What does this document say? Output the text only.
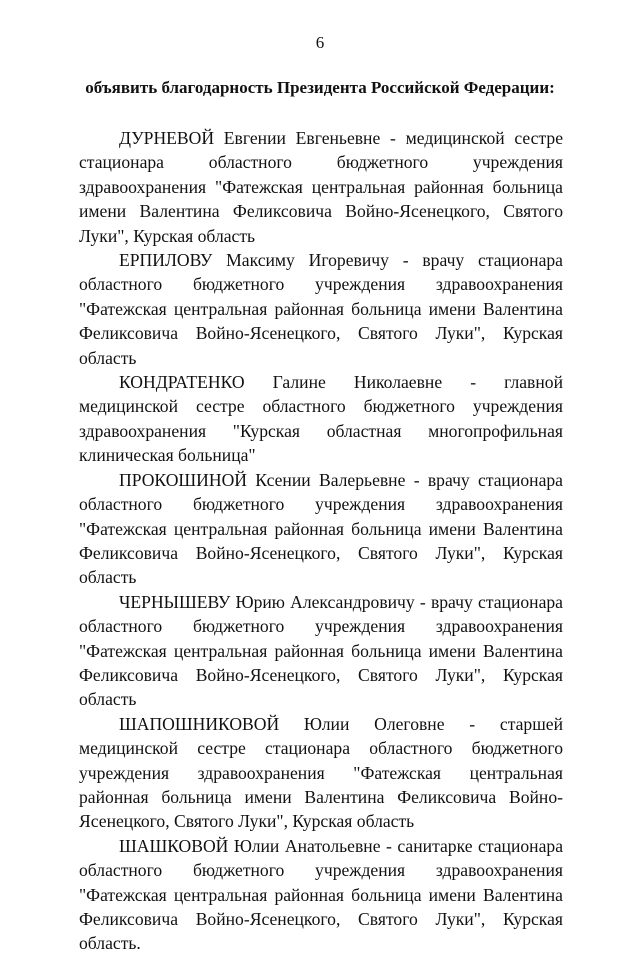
6
объявить благодарность Президента Российской Федерации:

ДУРНЕВОЙ Евгении Евгеньевне - медицинской сестре стационара областного бюджетного учреждения здравоохранения "Фатежская центральная районная больница имени Валентина Феликсовича Войно-Ясенецкого, Святого Луки", Курская область

ЕРПИЛОВУ Максиму Игоревичу - врачу стационара областного бюджетного учреждения здравоохранения "Фатежская центральная районная больница имени Валентина Феликсовича Войно-Ясенецкого, Святого Луки", Курская область

КОНДРАТЕНКО Галине Николаевне - главной медицинской сестре областного бюджетного учреждения здравоохранения "Курская областная многопрофильная клиническая больница"

ПРОКОШИНОЙ Ксении Валерьевне - врачу стационара областного бюджетного учреждения здравоохранения "Фатежская центральная районная больница имени Валентина Феликсовича Войно-Ясенецкого, Святого Луки", Курская область

ЧЕРНЫШЕВУ Юрию Александровичу - врачу стационара областного бюджетного учреждения здравоохранения "Фатежская центральная районная больница имени Валентина Феликсовича Войно-Ясенецкого, Святого Луки", Курская область

ШАПОШНИКОВОЙ Юлии Олеговне - старшей медицинской сестре стационара областного бюджетного учреждения здравоохранения "Фатежская центральная районная больница имени Валентина Феликсовича Войно-Ясенецкого, Святого Луки", Курская область

ШАШКОВОЙ Юлии Анатольевне - санитарке стационара областного бюджетного учреждения здравоохранения "Фатежская центральная районная больница имени Валентина Феликсовича Войно-Ясенецкого, Святого Луки", Курская область.
